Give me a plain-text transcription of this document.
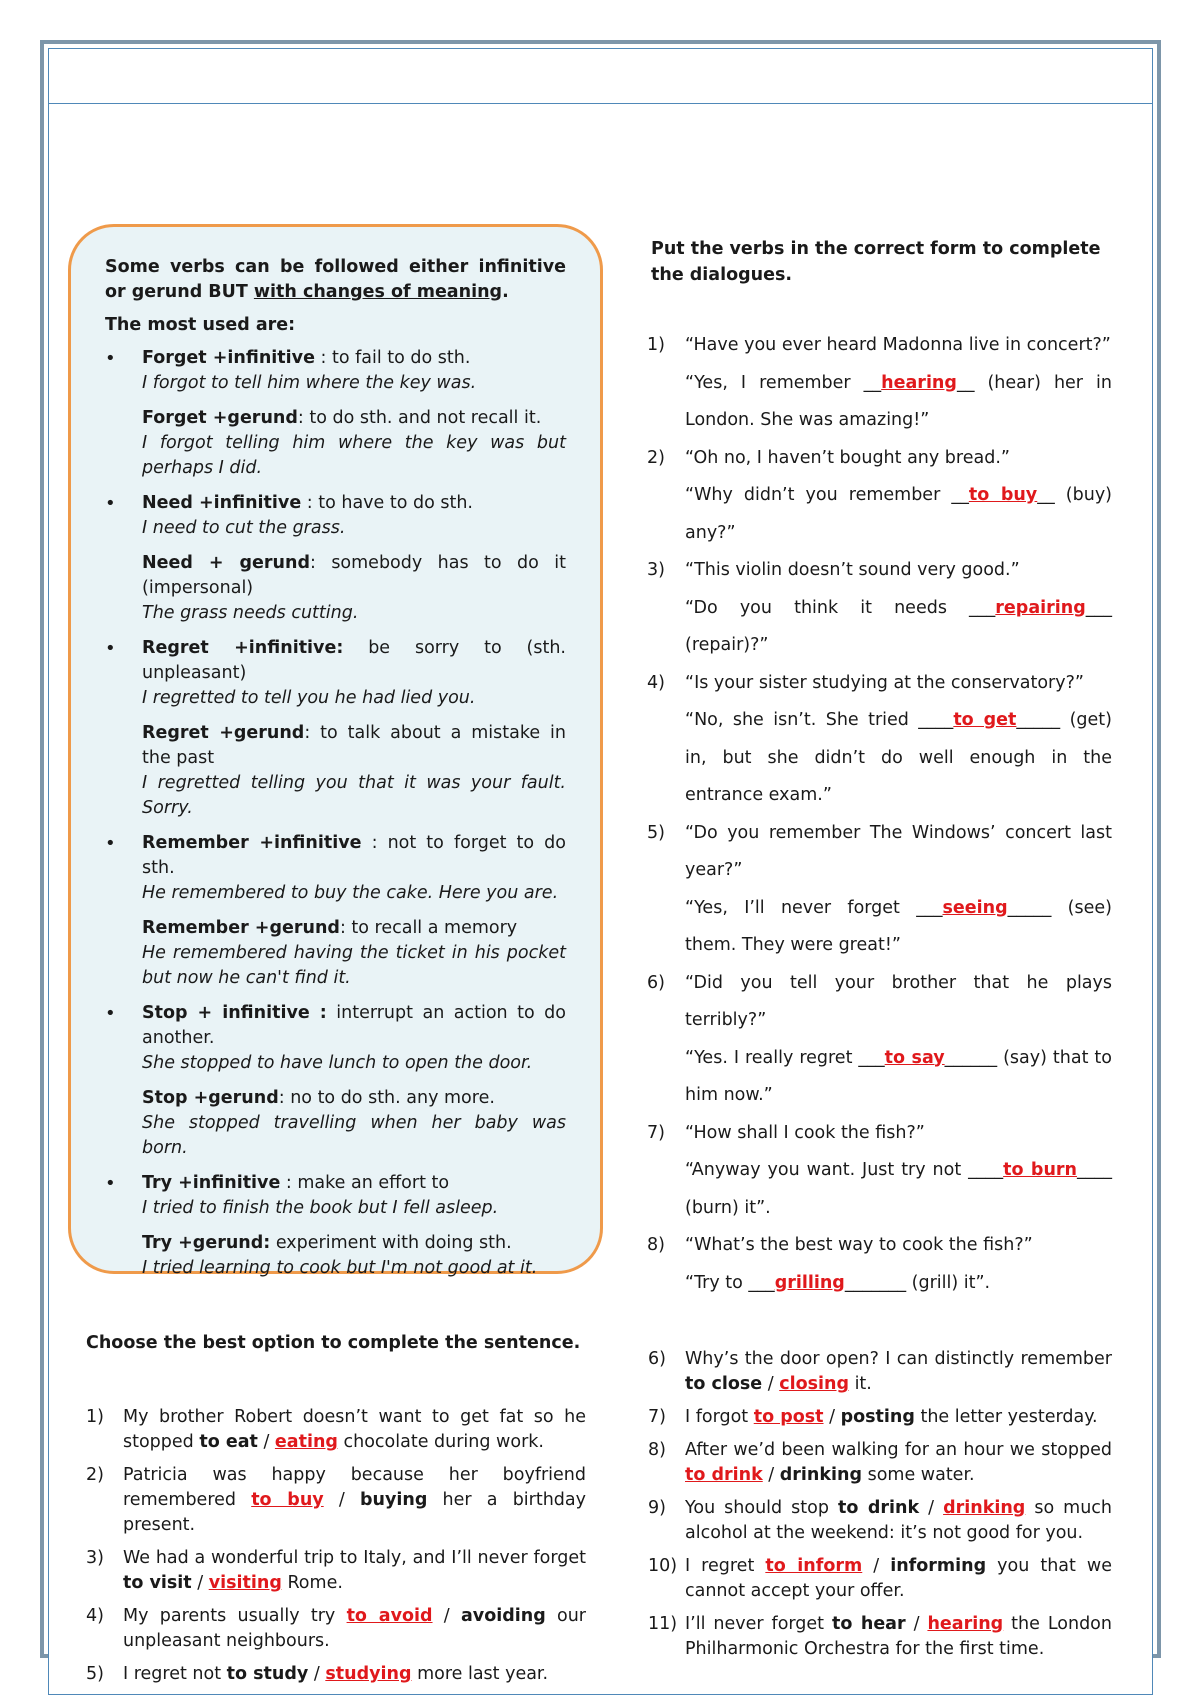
Some verbs can be followed either infinitive or gerund BUT with changes of meaning.

The most used are:

• Forget +infinitive : to fail to do sth.
I forgot to tell him where the key was.
Forget +gerund: to do sth. and not recall it.
I forgot telling him where the key was but perhaps I did.
• Need +infinitive : to have to do sth.
I need to cut the grass.
Need + gerund: somebody has to do it (impersonal)
The grass needs cutting.
• Regret +infinitive: be sorry to (sth. unpleasant)
I regretted to tell you he had lied you.
Regret +gerund: to talk about a mistake in the past
I regretted telling you that it was your fault. Sorry.
• Remember +infinitive : not to forget to do sth.
He remembered to buy the cake. Here you are.
Remember +gerund: to recall a memory
He remembered having the ticket in his pocket but now he can't find it.
• Stop + infinitive : interrupt an action to do another.
She stopped to have lunch to open the door.
Stop +gerund: no to do sth. any more.
She stopped travelling when her baby was born.
• Try +infinitive : make an effort to
I tried to finish the book but I fell asleep.
Try +gerund: experiment with doing sth.
I tried learning to cook but I'm not good at it.
Put the verbs in the correct form to complete the dialogues.
1)	“Have you ever heard Madonna live in concert?”
“Yes, I remember __hearing__ (hear) her in London. She was amazing!”
2)	“Oh no, I haven’t bought any bread.”
“Why didn’t you remember __to buy__ (buy) any?”
3)	“This violin doesn’t sound very good.”
“Do you think it needs ___repairing___ (repair)?”
4)	“Is your sister studying at the conservatory?”
“No, she isn’t. She tried ____to get_____ (get) in, but she didn’t do well enough in the entrance exam.”
5)	“Do you remember The Windows’ concert last year?”
“Yes, I’ll never forget ___seeing_____ (see) them. They were great!”
6)	“Did you tell your brother that he plays terribly?”
“Yes. I really regret ___to say______ (say) that to him now.”
7)	“How shall I cook the fish?”
“Anyway you want. Just try not ____to burn____ (burn) it”.
8)	“What’s the best way to cook the fish?”
“Try to ___grilling_______ (grill) it”.
Choose the best option to complete the sentence.
1)	My brother Robert doesn’t want to get fat so he stopped to eat / eating chocolate during work.
2)	Patricia was happy because her boyfriend remembered to buy / buying her a birthday present.
3)	We had a wonderful trip to Italy, and I’ll never forget to visit / visiting Rome.
4)	My parents usually try to avoid / avoiding our unpleasant neighbours.
5)	I regret not to study / studying more last year.
6)	Why’s the door open? I can distinctly remember to close / closing it.
7)	I forgot to post / posting the letter yesterday.
8)	After we’d been walking for an hour we stopped to drink / drinking some water.
9)	You should stop to drink / drinking so much alcohol at the weekend: it’s not good for you.
10) I regret to inform / informing you that we cannot accept your offer.
11) I’ll never forget to hear / hearing the London Philharmonic Orchestra for the first time.
